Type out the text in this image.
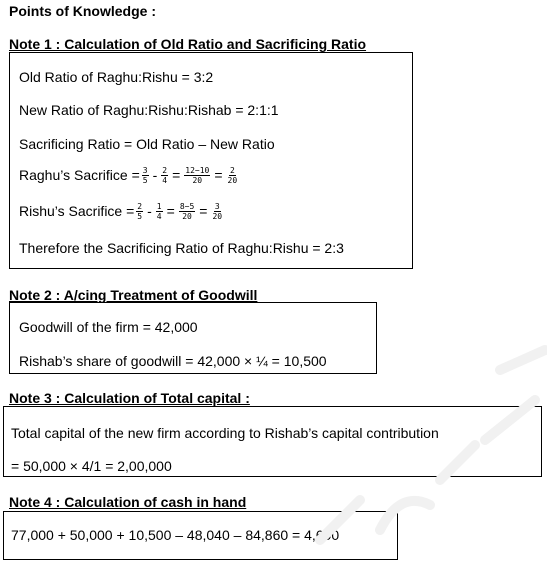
Points of Knowledge :
Note 1 : Calculation of Old Ratio and Sacrificing Ratio
Old Ratio of Raghu:Rishu = 3:2
New Ratio of Raghu:Rishu:Rishab = 2:1:1
Sacrificing Ratio = Old Ratio – New Ratio
Raghu’s Sacrifice = $\frac{3}{5} - \frac{2}{4} = \frac{12-10}{20} = \frac{2}{20}$
Rishu’s Sacrifice = $\frac{2}{5} - \frac{1}{4} = \frac{8-5}{20} = \frac{3}{20}$
Therefore the Sacrificing Ratio of Raghu:Rishu = 2:3
Note 2 : A/cing Treatment of Goodwill
Goodwill of the firm = 42,000
Rishab’s share of goodwill = 42,000 × ¼ = 10,500
Note 3 : Calculation of Total capital :
Total capital of the new firm according to Rishab’s capital contribution
= 50,000 × 4/1 = 2,00,000
Note 4 : Calculation of cash in hand
77,000 + 50,000 + 10,500 – 48,040 – 84,860 = 4,600
